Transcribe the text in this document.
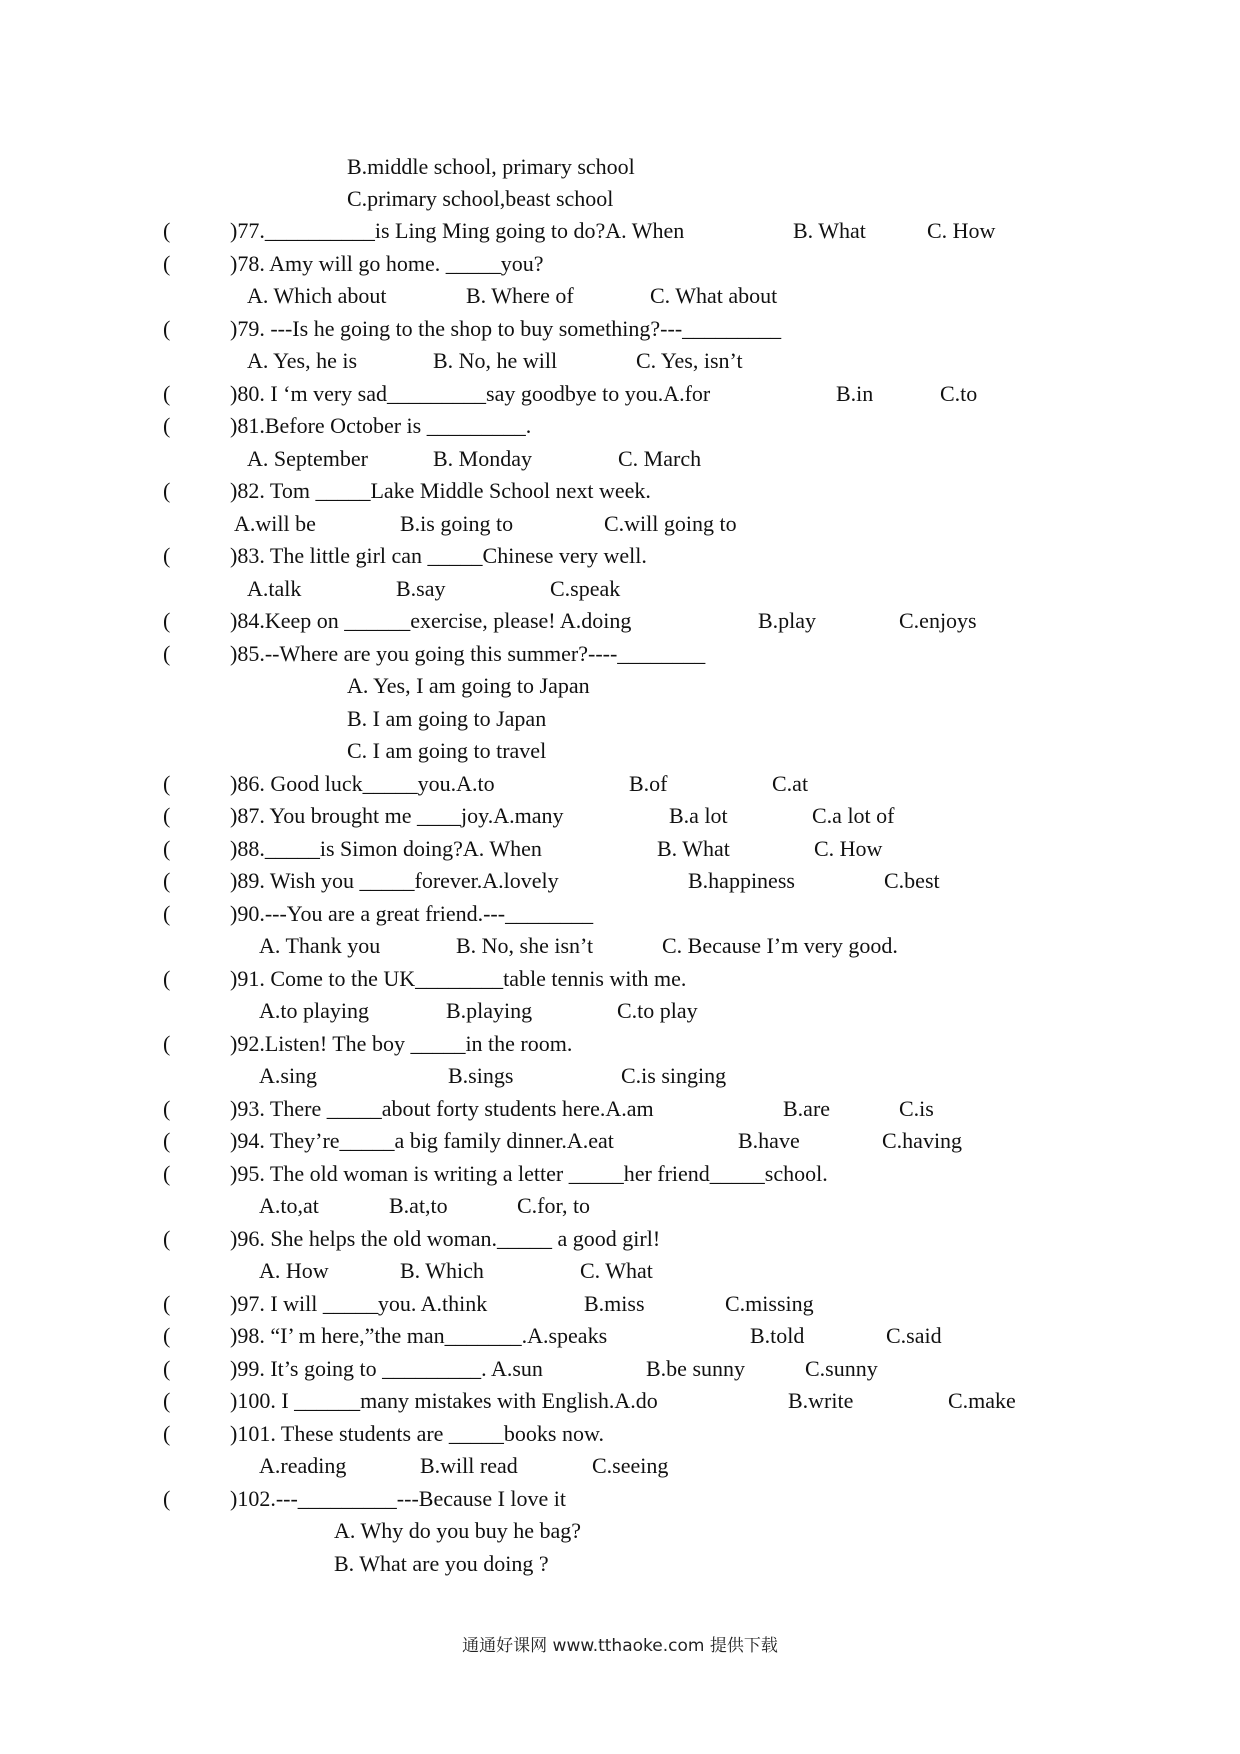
B.middle school, primary school
C.primary school,beast school
(	)77.__________is Ling Ming going to do?A. When	B. What	C. How
(	)78. Amy will go home. _____you?
A. Which about	B. Where of	C. What about
(	)79. ---Is he going to the shop to buy something?---_________
A. Yes, he is	B. No, he will	C. Yes, isn’t
(	)80. I ‘m very sad_________say goodbye to you.A.for	B.in	C.to
(	)81.Before October is _________.
A. September	B. Monday	C. March
(	)82. Tom _____Lake Middle School next week.
A.will be	B.is going to	C.will going to
(	)83. The little girl can _____Chinese very well.
A.talk	B.say	C.speak
(	)84.Keep on ______exercise, please! A.doing	B.play	C.enjoys
(	)85.--Where are you going this summer?----________
A. Yes, I am going to Japan
B. I am going to Japan
C. I am going to travel
(	)86. Good luck_____you.A.to	B.of	C.at
(	)87. You brought me ____joy.A.many	B.a lot	C.a lot of
(	)88._____is Simon doing?A. When	B. What	C. How
(	)89. Wish you _____forever.A.lovely	B.happiness	C.best
(	)90.---You are a great friend.---________
A. Thank you	B. No, she isn’t	C. Because I’m very good.
(	)91. Come to the UK________table tennis with me.
A.to playing	B.playing	C.to play
(	)92.Listen! The boy _____in the room.
A.sing	B.sings	C.is singing
(	)93. There _____about forty students here.A.am	B.are	C.is
(	)94. They’re_____a big family dinner.A.eat	B.have	C.having
(	)95. The old woman is writing a letter _____her friend_____school.
A.to,at	B.at,to	C.for, to
(	)96. She helps the old woman._____ a good girl!
A. How	B. Which	C. What
(	)97. I will _____you. A.think	B.miss	C.missing
(	)98. “I’ m here,”the man_______.A.speaks	B.told	C.said
(	)99. It’s going to _________. A.sun	B.be sunny	C.sunny
(	)100. I ______many mistakes with English.A.do	B.write	C.make
(	)101. These students are _____books now.
A.reading	B.will read	C.seeing
(	)102.---_________---Because I love it
A. Why do you buy he bag?
B. What are you doing ?
通通好课网 www.tthaoke.com 提供下载
